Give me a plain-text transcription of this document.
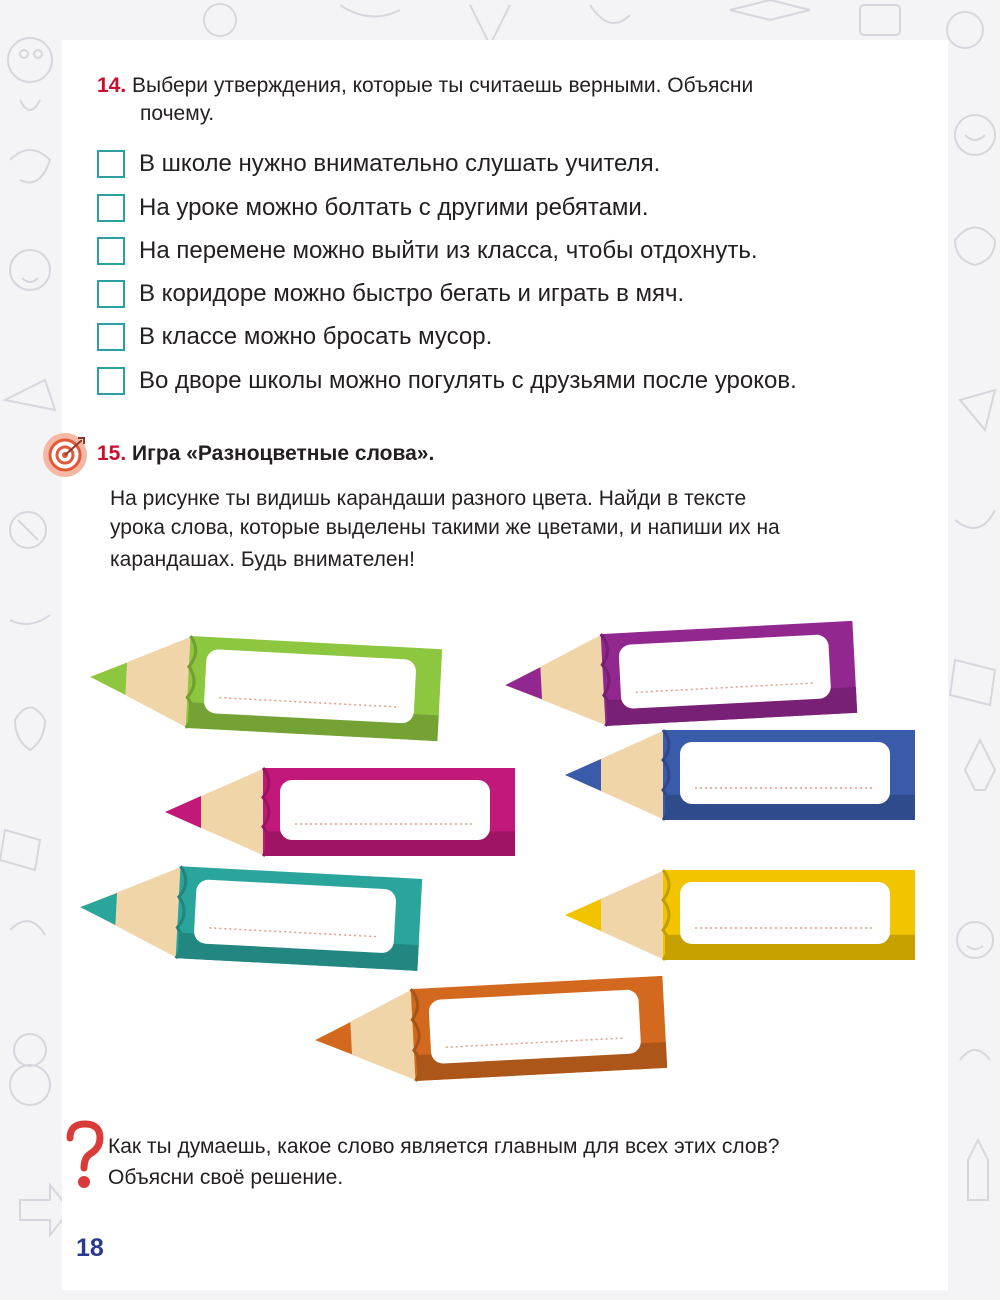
14. Выбери утверждения, которые ты считаешь верными. Объясни
почему.
В школе нужно внимательно слушать учителя.
На уроке можно болтать с другими ребятами.
На перемене можно выйти из класса, чтобы отдохнуть.
В коридоре можно быстро бегать и играть в мяч.
В классе можно бросать мусор.
Во дворе школы можно погулять с друзьями после уроков.
15. Игра «Разноцветные слова».
На рисунке ты видишь карандаши разного цвета. Найди в тексте
урока слова, которые выделены такими же цветами, и напиши их на
карандашах. Будь внимателен!
Как ты думаешь, какое слово является главным для всех этих слов?
Объясни своё решение.
18
